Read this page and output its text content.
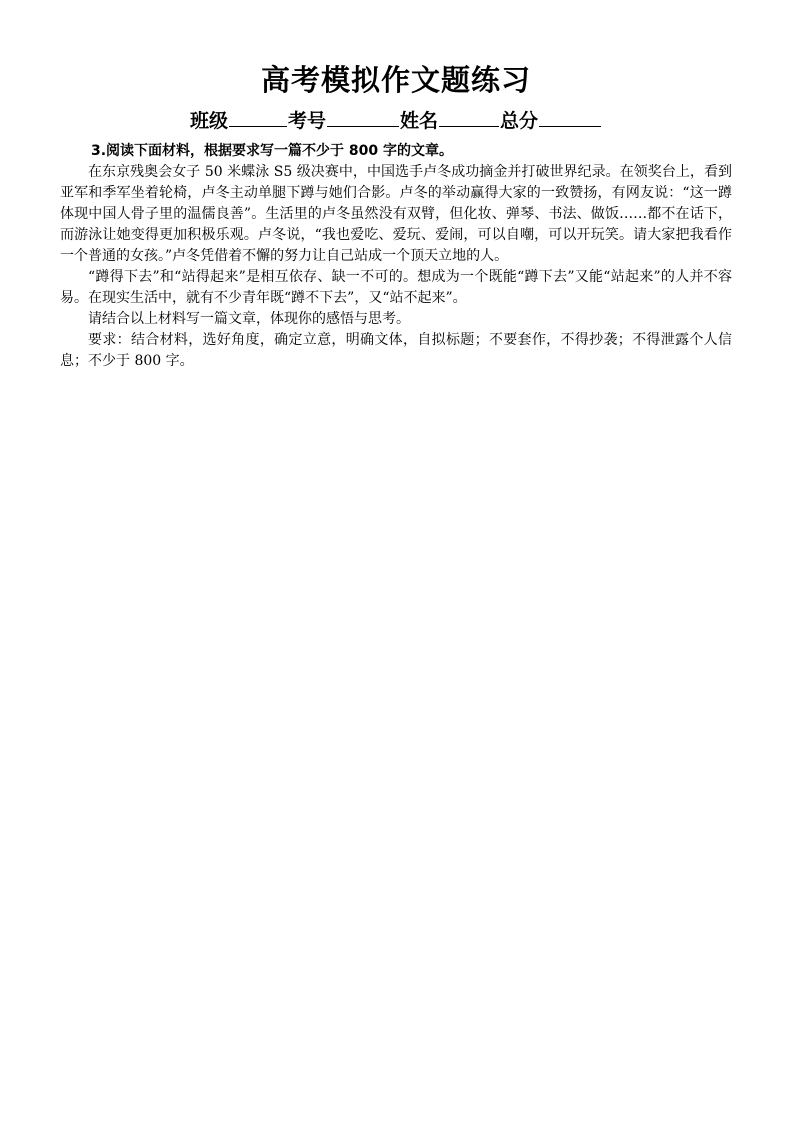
高考模拟作文题练习
班级	考号	姓名	总分

3.阅读下面材料，根据要求写一篇不少于 800 字的文章。

在东京残奥会女子 50 米蝶泳 S5 级决赛中，中国选手卢冬成功摘金并打破世界纪录。在领奖台上，看到亚军和季军坐着轮椅，卢冬主动单腿下蹲与她们合影。卢冬的举动赢得大家的一致赞扬，有网友说：“这一蹲体现中国人骨子里的温儒良善”。生活里的卢冬虽然没有双臂，但化妆、弹琴、书法、做饭……都不在话下，而游泳让她变得更加积极乐观。卢冬说，“我也爱吃、爱玩、爱闹，可以自嘲，可以开玩笑。请大家把我看作一个普通的女孩。”卢冬凭借着不懈的努力让自己站成一个顶天立地的人。

“蹲得下去”和“站得起来”是相互依存、缺一不可的。想成为一个既能“蹲下去”又能“站起来”的人并不容易。在现实生活中，就有不少青年既“蹲不下去”，又“站不起来”。

请结合以上材料写一篇文章，体现你的感悟与思考。

要求：结合材料，选好角度，确定立意，明确文体，自拟标题；不要套作，不得抄袭；不得泄露个人信息；不少于 800 字。
